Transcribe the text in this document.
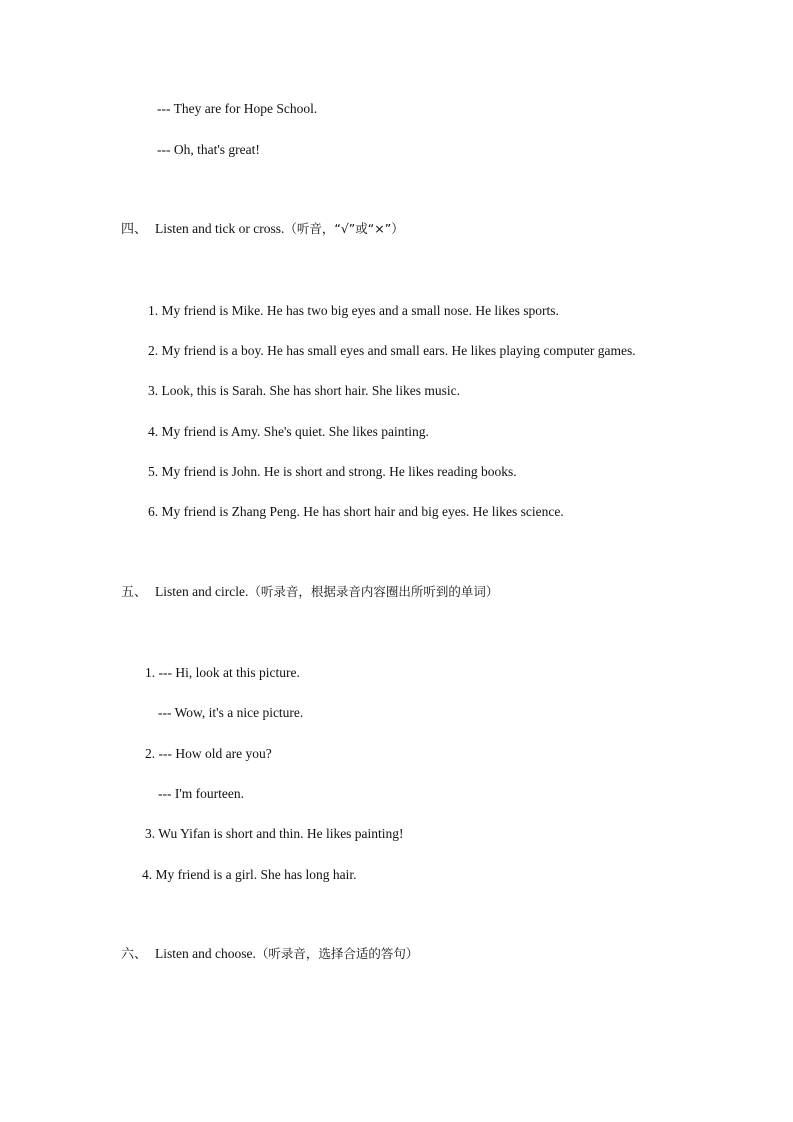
--- They are for Hope School.
--- Oh, that's great!
四、 Listen and tick or cross.（听音，“√”或“×”）
1. My friend is Mike. He has two big eyes and a small nose. He likes sports.
2. My friend is a boy. He has small eyes and small ears. He likes playing computer games.
3. Look, this is Sarah. She has short hair. She likes music.
4. My friend is Amy. She's quiet. She likes painting.
5. My friend is John. He is short and strong. He likes reading books.
6. My friend is Zhang Peng. He has short hair and big eyes. He likes science.
五、 Listen and circle.（听录音，根据录音内容圈出所听到的单词）
1. --- Hi, look at this picture.
--- Wow, it's a nice picture.
2. --- How old are you?
--- I'm fourteen.
3. Wu Yifan is short and thin. He likes painting!
4. My friend is a girl. She has long hair.
六、 Listen and choose.（听录音，选择合适的答句）
